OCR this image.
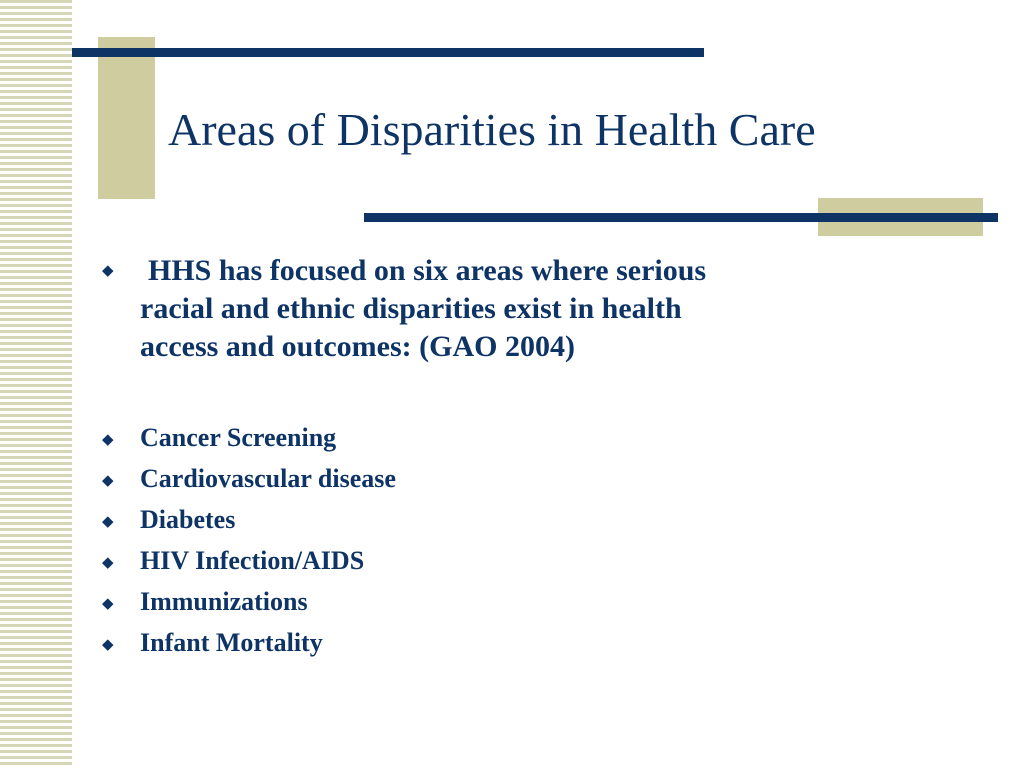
Areas of Disparities in Health Care
◆ HHS has focused on six areas where serious
racial and ethnic disparities exist in health
access and outcomes: (GAO 2004)

◆ Cancer Screening
◆ Cardiovascular disease
◆ Diabetes
◆ HIV Infection/AIDS
◆ Immunizations
◆ Infant Mortality
